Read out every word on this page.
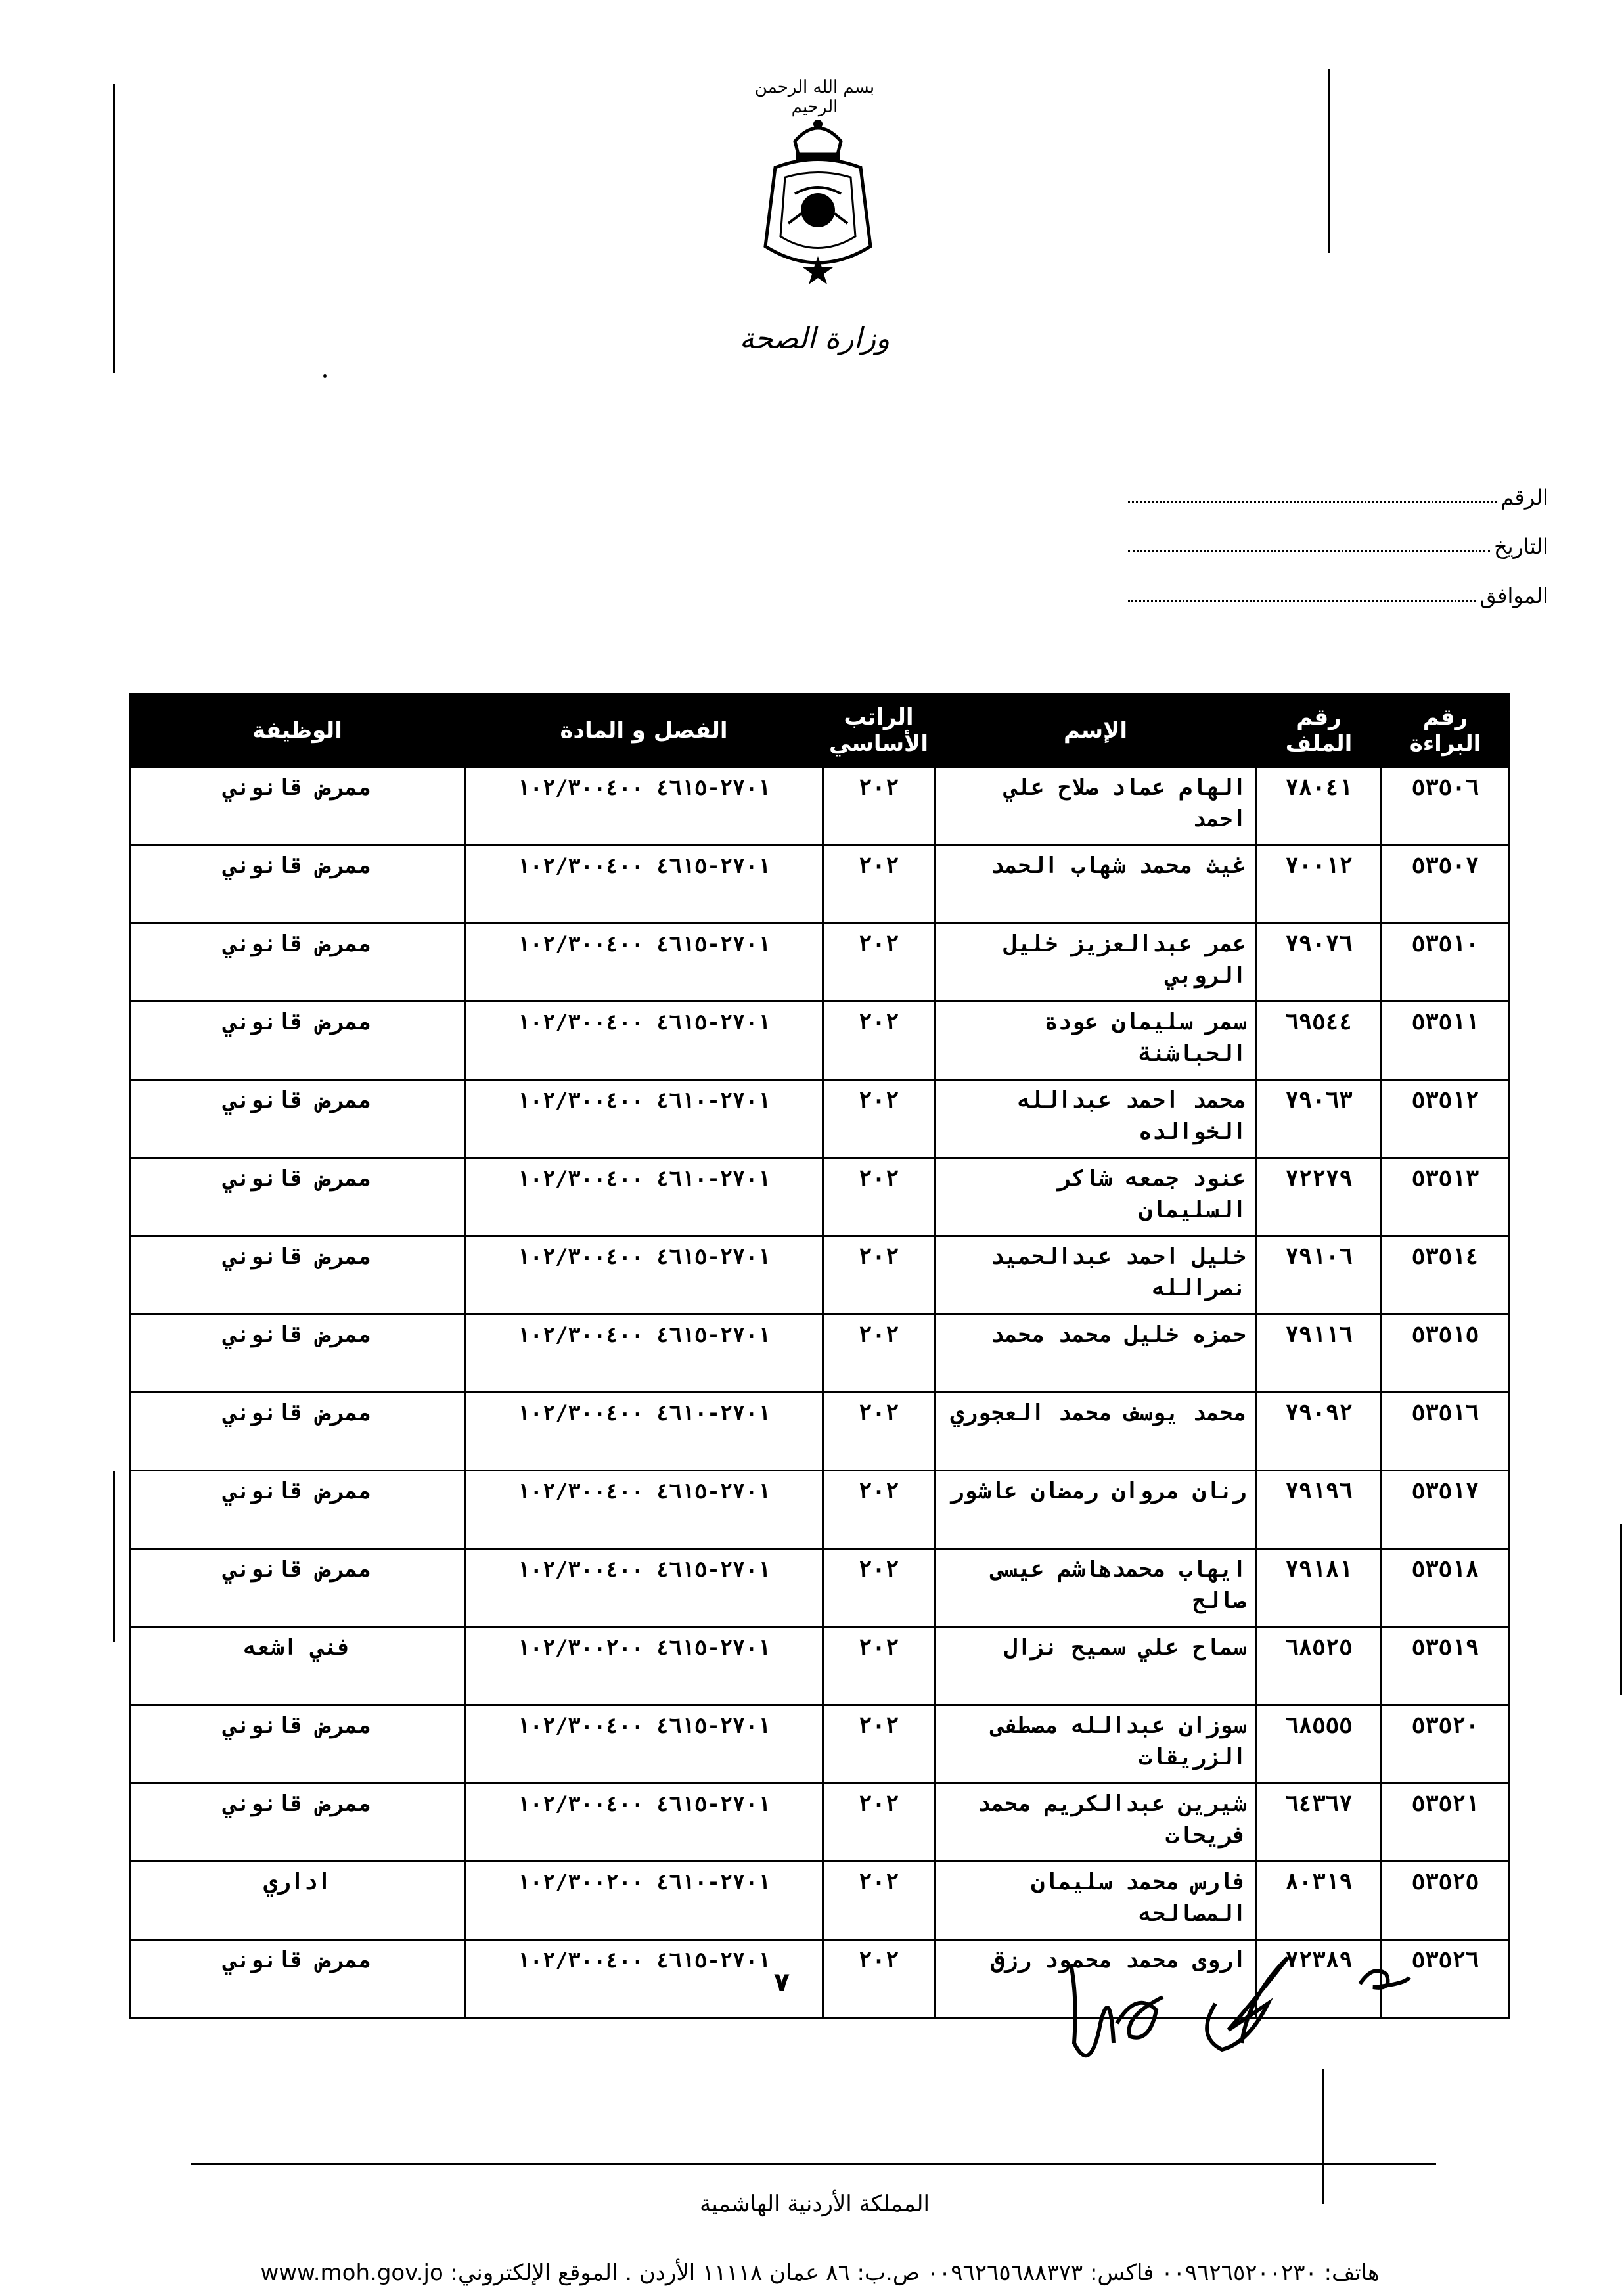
بسم الله الرحمن الرحيم
وزارة الصحة
الرقم
التاريخ
الموافق
رقم البراءة	رقم الملف	الإسم	الراتب الأساسي	الفصل و المادة	الوظيفة
٥٣٥٠٦	٧٨٠٤١	الهام عماد صلاح علي احمد	٢٠٢	٢٧٠١-٤٦١٥ ١٠٢/٣٠٠٤٠٠	ممرض قانوني
٥٣٥٠٧	٧٠٠١٢	غيث محمد شهاب الحمد	٢٠٢	٢٧٠١-٤٦١٥ ١٠٢/٣٠٠٤٠٠	ممرض قانوني
٥٣٥١٠	٧٩٠٧٦	عمر عبدالعزيز خليل الروبي	٢٠٢	٢٧٠١-٤٦١٥ ١٠٢/٣٠٠٤٠٠	ممرض قانوني
٥٣٥١١	٦٩٥٤٤	سمر سليمان عودة الحباشنة	٢٠٢	٢٧٠١-٤٦١٥ ١٠٢/٣٠٠٤٠٠	ممرض قانوني
٥٣٥١٢	٧٩٠٦٣	محمد احمد عبدالله الخوالده	٢٠٢	٢٧٠١-٤٦١٠ ١٠٢/٣٠٠٤٠٠	ممرض قانوني
٥٣٥١٣	٧٢٢٧٩	عنود جمعه شاكر السليمان	٢٠٢	٢٧٠١-٤٦١٠ ١٠٢/٣٠٠٤٠٠	ممرض قانوني
٥٣٥١٤	٧٩١٠٦	خليل احمد عبدالحميد نصرالله	٢٠٢	٢٧٠١-٤٦١٥ ١٠٢/٣٠٠٤٠٠	ممرض قانوني
٥٣٥١٥	٧٩١١٦	حمزه خليل محمد محمد	٢٠٢	٢٧٠١-٤٦١٥ ١٠٢/٣٠٠٤٠٠	ممرض قانوني
٥٣٥١٦	٧٩٠٩٢	محمد يوسف محمد العجوري	٢٠٢	٢٧٠١-٤٦١٠ ١٠٢/٣٠٠٤٠٠	ممرض قانوني
٥٣٥١٧	٧٩١٩٦	رنان مروان رمضان عاشور	٢٠٢	٢٧٠١-٤٦١٥ ١٠٢/٣٠٠٤٠٠	ممرض قانوني
٥٣٥١٨	٧٩١٨١	ايهاب محمدهاشم عيسى صالح	٢٠٢	٢٧٠١-٤٦١٥ ١٠٢/٣٠٠٤٠٠	ممرض قانوني
٥٣٥١٩	٦٨٥٢٥	سماح علي سميح نزال	٢٠٢	٢٧٠١-٤٦١٥ ١٠٢/٣٠٠٢٠٠	فني اشعه
٥٣٥٢٠	٦٨٥٥٥	سوزان عبدالله مصطفى الزريقات	٢٠٢	٢٧٠١-٤٦١٥ ١٠٢/٣٠٠٤٠٠	ممرض قانوني
٥٣٥٢١	٦٤٣٦٧	شيرين عبدالكريم محمد فريحات	٢٠٢	٢٧٠١-٤٦١٥ ١٠٢/٣٠٠٤٠٠	ممرض قانوني
٥٣٥٢٥	٨٠٣١٩	فارس محمد سليمان المصالحه	٢٠٢	٢٧٠١-٤٦١٠ ١٠٢/٣٠٠٢٠٠	اداري
٥٣٥٢٦	٧٢٣٨٩	اروى محمد محمود رزق	٢٠٢	٢٧٠١-٤٦١٥ ١٠٢/٣٠٠٤٠٠	ممرض قانوني
٧
المملكة الأردنية الهاشمية
هاتف: ٠٠٩٦٢٦٥٢٠٠٢٣٠ فاكس: ٠٠٩٦٢٦٥٦٨٨٣٧٣ ص.ب: ٨٦ عمان ١١١١٨ الأردن . الموقع الإلكتروني: www.moh.gov.jo
